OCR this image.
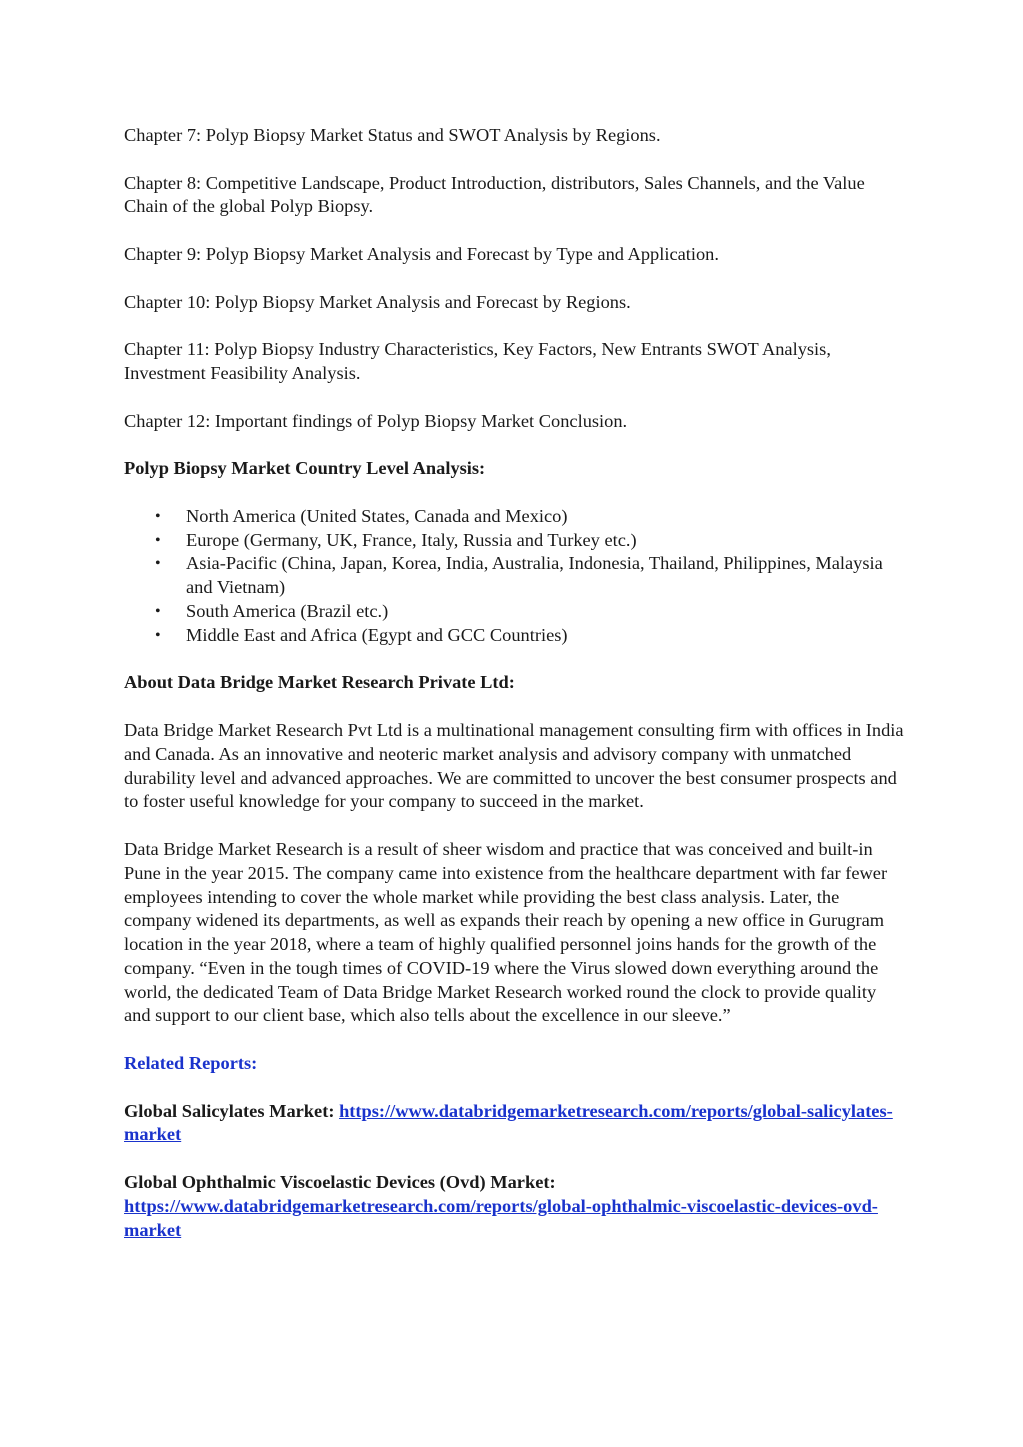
Chapter 7: Polyp Biopsy Market Status and SWOT Analysis by Regions.

Chapter 8: Competitive Landscape, Product Introduction, distributors, Sales Channels, and the Value Chain of the global Polyp Biopsy.

Chapter 9: Polyp Biopsy Market Analysis and Forecast by Type and Application.

Chapter 10: Polyp Biopsy Market Analysis and Forecast by Regions.

Chapter 11: Polyp Biopsy Industry Characteristics, Key Factors, New Entrants SWOT Analysis, Investment Feasibility Analysis.

Chapter 12: Important findings of Polyp Biopsy Market Conclusion.

Polyp Biopsy Market Country Level Analysis:

• North America (United States, Canada and Mexico)
• Europe (Germany, UK, France, Italy, Russia and Turkey etc.)
• Asia-Pacific (China, Japan, Korea, India, Australia, Indonesia, Thailand, Philippines, Malaysia and Vietnam)
• South America (Brazil etc.)
• Middle East and Africa (Egypt and GCC Countries)

About Data Bridge Market Research Private Ltd:

Data Bridge Market Research Pvt Ltd is a multinational management consulting firm with offices in India and Canada. As an innovative and neoteric market analysis and advisory company with unmatched durability level and advanced approaches. We are committed to uncover the best consumer prospects and to foster useful knowledge for your company to succeed in the market.

Data Bridge Market Research is a result of sheer wisdom and practice that was conceived and built-in Pune in the year 2015. The company came into existence from the healthcare department with far fewer employees intending to cover the whole market while providing the best class analysis. Later, the company widened its departments, as well as expands their reach by opening a new office in Gurugram location in the year 2018, where a team of highly qualified personnel joins hands for the growth of the company. “Even in the tough times of COVID-19 where the Virus slowed down everything around the world, the dedicated Team of Data Bridge Market Research worked round the clock to provide quality and support to our client base, which also tells about the excellence in our sleeve.”

Related Reports:

Global Salicylates Market: https://www.databridgemarketresearch.com/reports/global-salicylates-market
Global Ophthalmic Viscoelastic Devices (Ovd) Market:
https://www.databridgemarketresearch.com/reports/global-ophthalmic-viscoelastic-devices-ovd-market
